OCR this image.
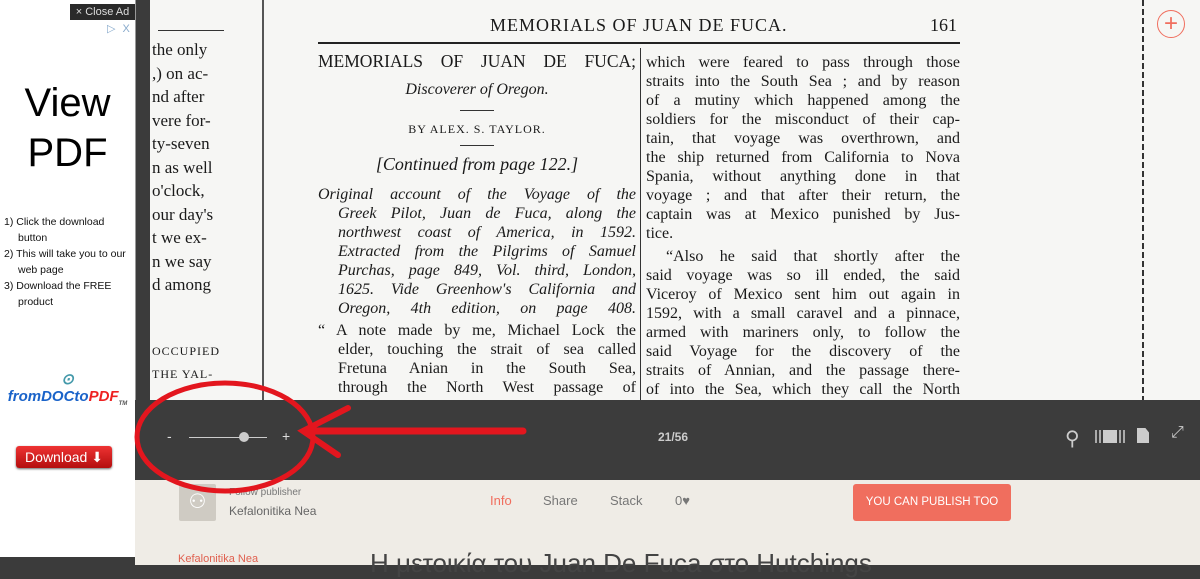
▷ X
View
PDF
1) Click the download button
2) This will take you to our web page
3) Download the FREE product
⊙ fromDOCtoPDF$_{TM}$
Download ⬇
× Close Ad
the only
,) on ac-
nd after
vere for-
ty-seven
n as well
o'clock,
our day's
t we ex-
n we say
d among
OCCUPIED
THE YAL-
MEMORIALS OF JUAN DE FUCA.	161
MEMORIALS OF JUAN DE FUCA;
Discoverer of Oregon.
BY ALEX. S. TAYLOR.
[Continued from page 122.]
Original account of the Voyage of the
Greek Pilot, Juan de Fuca, along the
northwest coast of America, in 1592.
Extracted from the Pilgrims of Samuel
Purchas, page 849, Vol. third, London,
1625. Vide Greenhow's California and
Oregon, 4th edition, on page 408.
“ A note made by me, Michael Lock the
elder, touching the strait of sea called
Fretuna Anian in the South Sea,
through the North West passage of
which were feared to pass through those
straits into the South Sea ; and by reason
of a mutiny which happened among the
soldiers for the misconduct of their cap-
tain, that voyage was overthrown, and
the ship returned from California to Nova
Spania, without anything done in that
voyage ; and that after their return, the
captain was at Mexico punished by Jus-
tice.
“Also he said that shortly after the
said voyage was so ill ended, the said
Viceroy of Mexico sent him out again in
1592, with a small caravel and a pinnace,
armed with mariners only, to follow the
said Voyage for the discovery of the
straits of Annian, and the passage there-
of into the Sea, which they call the North
+
-	+	21/56	⚲	⤢
⚇	Follow publisher
Kefalonitika Nea
Info Share Stack 0♥	YOU CAN PUBLISH TOO
Kefalonitika Nea	Η μετοικία του Juan De Fuca στο Hutchings
